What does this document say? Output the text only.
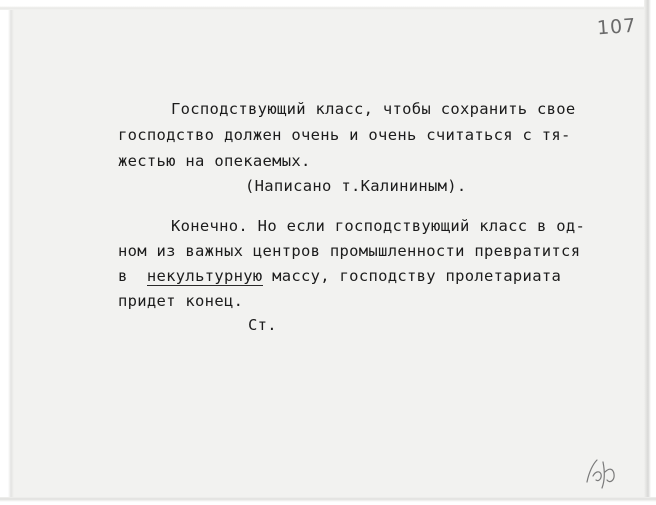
107
Господствующий класс, чтобы сохранить свое
господство должен очень и очень считаться с тя-
жестью на опекаемых.
(Написано т.Калининым).
Конечно. Но если господствующий класс в од-
ном из важных центров промышленности превратится
в  некультурную массу, господству пролетариата
придет конец.
Ст.
